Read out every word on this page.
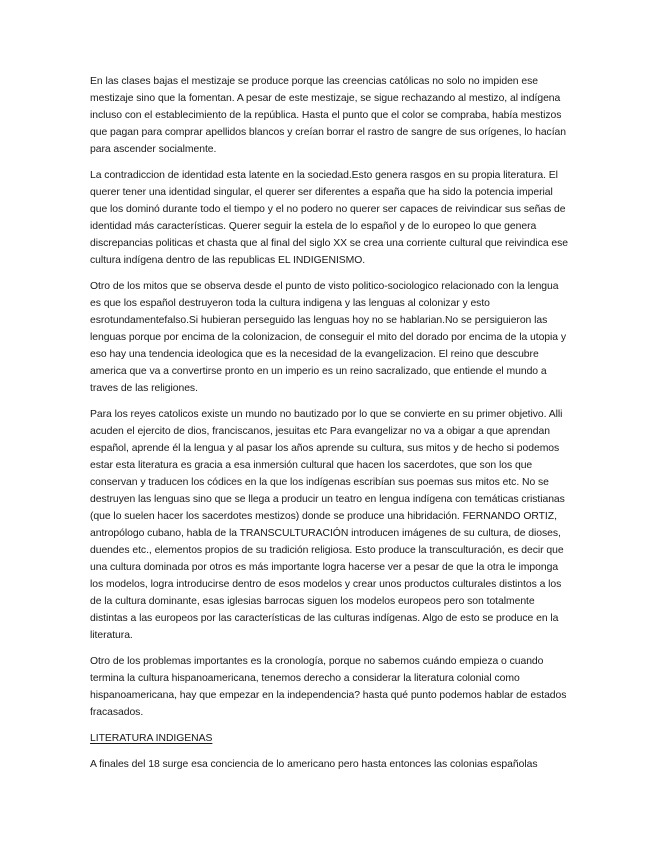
En las clases bajas el mestizaje se produce porque las creencias católicas no solo no impiden ese mestizaje sino que la fomentan. A pesar de este mestizaje, se sigue rechazando al mestizo, al indígena incluso con el establecimiento de la república. Hasta el punto que el color se compraba, había mestizos que pagan para comprar apellidos blancos y creían borrar el rastro de sangre de sus orígenes, lo hacían para ascender socialmente.

La contradiccion de identidad esta latente en la sociedad.Esto genera rasgos en su propia literatura. El querer tener una identidad singular, el querer ser diferentes a españa que ha sido la potencia imperial que los dominó durante todo el tiempo y el no podero no querer ser capaces de reivindicar sus señas de identidad más características. Querer seguir la estela de lo español y de lo europeo lo que genera discrepancias politicas et chasta que al final del siglo XX se crea una corriente cultural que reivindica ese cultura indígena dentro de las republicas EL INDIGENISMO.

Otro de los mitos que se observa desde el punto de visto politico-sociologico relacionado con la lengua es que los español destruyeron toda la cultura indigena y las lenguas al colonizar y esto esrotundamentefalso.Si hubieran perseguido las lenguas hoy no se hablarian.No se persiguieron las lenguas porque por encima de la colonizacion, de conseguir el mito del dorado por encima de la utopia y eso hay una tendencia ideologica que es la necesidad de la evangelizacion. El reino que descubre america que va a convertirse pronto en un imperio es un reino sacralizado, que entiende el mundo a traves de las religiones.

Para los reyes catolicos existe un mundo no bautizado por lo que se convierte en su primer objetivo. Alli acuden el ejercito de dios, franciscanos, jesuitas etc Para evangelizar no va a obigar a que aprendan español, aprende él la lengua y al pasar los años aprende su cultura, sus mitos y de hecho si podemos estar esta literatura es gracia a esa inmersión cultural que hacen los sacerdotes, que son los que conservan y traducen los códices en la que los indígenas escribían sus poemas sus mitos etc. No se destruyen las lenguas sino que se llega a producir un teatro en lengua indígena con temáticas cristianas (que lo suelen hacer los sacerdotes mestizos) donde se produce una hibridación. FERNANDO ORTIZ, antropólogo cubano, habla de la TRANSCULTURACIÓN introducen imágenes de su cultura, de dioses, duendes etc., elementos propios de su tradición religiosa. Esto produce la transculturación, es decir que una cultura dominada por otros es más importante logra hacerse ver a pesar de que la otra le imponga los modelos, logra introducirse dentro de esos modelos y crear unos productos culturales distintos a los de la cultura dominante, esas iglesias barrocas siguen los modelos europeos pero son totalmente distintas a las europeos por las características de las culturas indígenas. Algo de esto se produce en la literatura.

Otro de los problemas importantes es la cronología, porque no sabemos cuándo empieza o cuando termina la cultura hispanoamericana, tenemos derecho a considerar la literatura colonial como hispanoamericana, hay que empezar en la independencia? hasta qué punto podemos hablar de estados fracasados.

LITERATURA INDIGENAS

A finales del 18 surge esa conciencia de lo americano pero hasta entonces las colonias españolas
